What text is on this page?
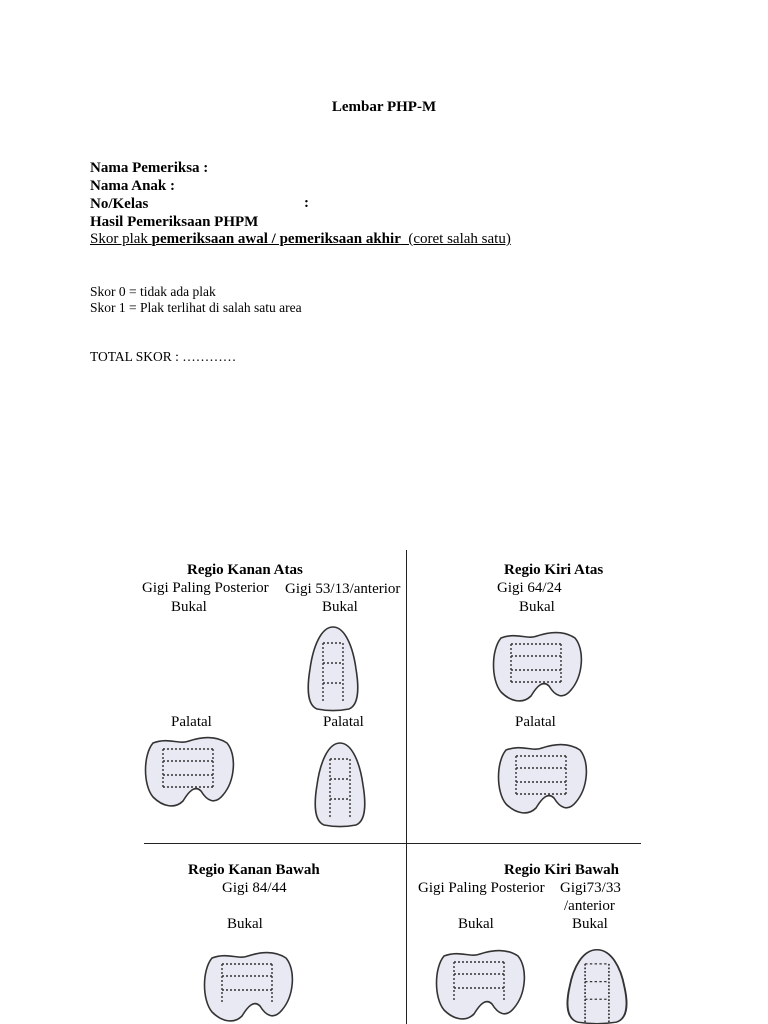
Lembar PHP-M
Nama Pemeriksa :
Nama Anak :
No/Kelas	:
Hasil Pemeriksaan PHPM
Skor plak pemeriksaan awal / pemeriksaan akhir  (coret salah satu)
Skor 0 = tidak ada plak
Skor 1 = Plak terlihat di salah satu area
TOTAL SKOR : …………
Regio Kanan Atas
Gigi Paling Posterior Gigi 53/13/anterior
Bukal	Bukal
Palatal	Palatal
Regio Kiri Atas
Gigi 64/24
Bukal
Palatal
Regio Kanan Bawah
Gigi 84/44
Bukal
Regio Kiri Bawah
Gigi Paling Posterior Gigi73/33
/anterior
Bukal	Bukal
